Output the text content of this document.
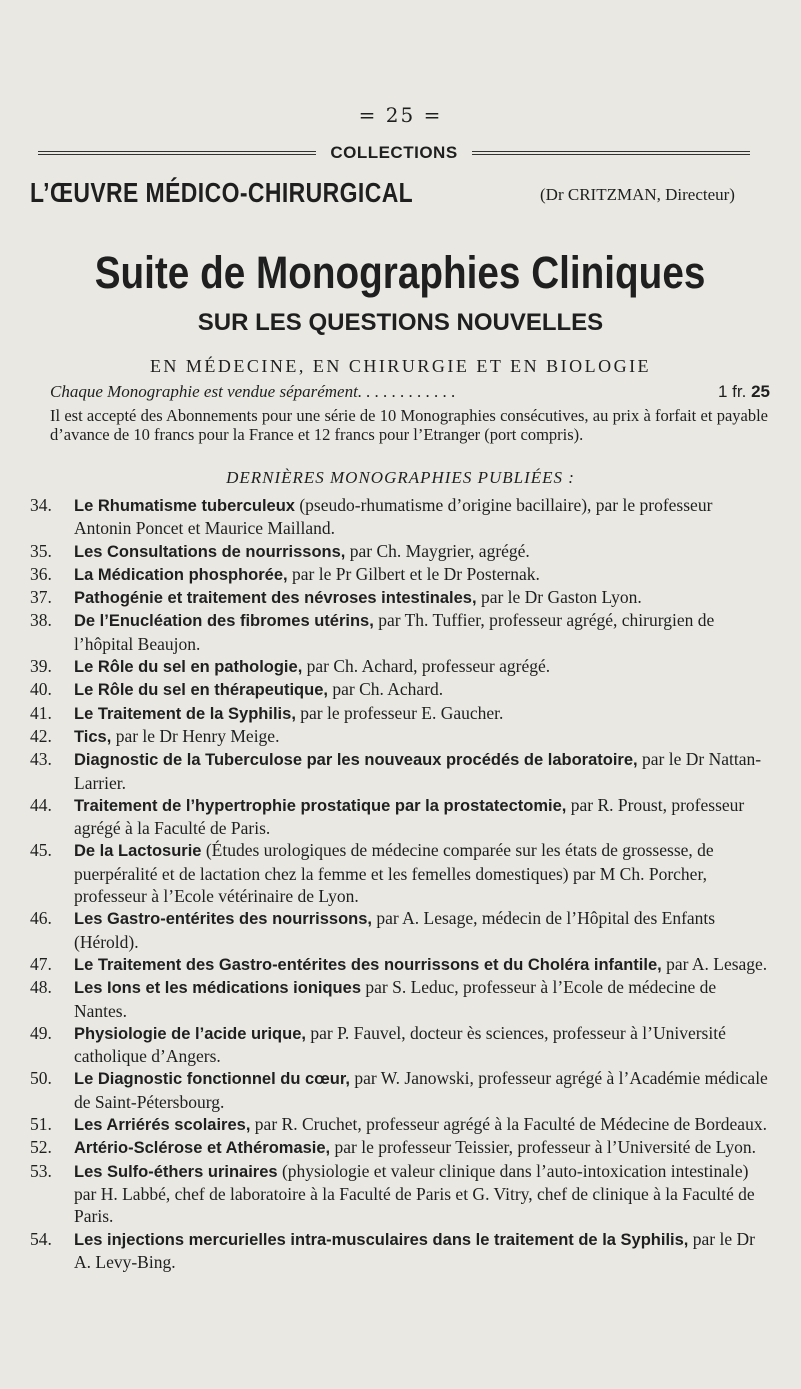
= 25 =
COLLECTIONS
L’ŒUVRE MÉDICO-CHIRURGICAL	(Dr CRITZMAN, Directeur)
Suite de Monographies Cliniques
SUR LES QUESTIONS NOUVELLES
EN MÉDECINE, EN CHIRURGIE ET EN BIOLOGIE
Chaque Monographie est vendue séparément. . . . . . . . . . . .	1 fr. 25
Il est accepté des Abonnements pour une série de 10 Monographies consécutives, au prix à forfait et payable d’avance de 10 francs pour la France et 12 francs pour l’Etranger (port compris).
DERNIÈRES MONOGRAPHIES PUBLIÉES :
34. Le Rhumatisme tuberculeux (pseudo-rhumatisme d’origine bacillaire), par le professeur Antonin Poncet et Maurice Mailland.
35. Les Consultations de nourrissons, par Ch. Maygrier, agrégé.
36. La Médication phosphorée, par le Pr Gilbert et le Dr Posternak.
37. Pathogénie et traitement des névroses intestinales, par le Dr Gaston Lyon.
38. De l’Enucléation des fibromes utérins, par Th. Tuffier, professeur agrégé, chirurgien de l’hôpital Beaujon.
39. Le Rôle du sel en pathologie, par Ch. Achard, professeur agrégé.
40. Le Rôle du sel en thérapeutique, par Ch. Achard.
41. Le Traitement de la Syphilis, par le professeur E. Gaucher.
42. Tics, par le Dr Henry Meige.
43. Diagnostic de la Tuberculose par les nouveaux procédés de laboratoire, par le Dr Nattan-Larrier.
44. Traitement de l’hypertrophie prostatique par la prostatectomie, par R. Proust, professeur agrégé à la Faculté de Paris.
45. De la Lactosurie (Études urologiques de médecine comparée sur les états de grossesse, de puerpéralité et de lactation chez la femme et les femelles domestiques) par M Ch. Porcher, professeur à l’Ecole vétérinaire de Lyon.
46. Les Gastro-entérites des nourrissons, par A. Lesage, médecin de l’Hôpital des Enfants (Hérold).
47. Le Traitement des Gastro-entérites des nourrissons et du Choléra infantile, par A. Lesage.
48. Les Ions et les médications ioniques par S. Leduc, professeur à l’Ecole de médecine de Nantes.
49. Physiologie de l’acide urique, par P. Fauvel, docteur ès sciences, professeur à l’Université catholique d’Angers.
50. Le Diagnostic fonctionnel du cœur, par W. Janowski, professeur agrégé à l’Académie médicale de Saint-Pétersbourg.
51. Les Arriérés scolaires, par R. Cruchet, professeur agrégé à la Faculté de Médecine de Bordeaux.
52. Artério-Sclérose et Athéromasie, par le professeur Teissier, professeur à l’Université de Lyon.
53. Les Sulfo-éthers urinaires (physiologie et valeur clinique dans l’auto-intoxication intestinale) par H. Labbé, chef de laboratoire à la Faculté de Paris et G. Vitry, chef de clinique à la Faculté de Paris.
54. Les injections mercurielles intra-musculaires dans le traitement de la Syphilis, par le Dr A. Levy-Bing.
